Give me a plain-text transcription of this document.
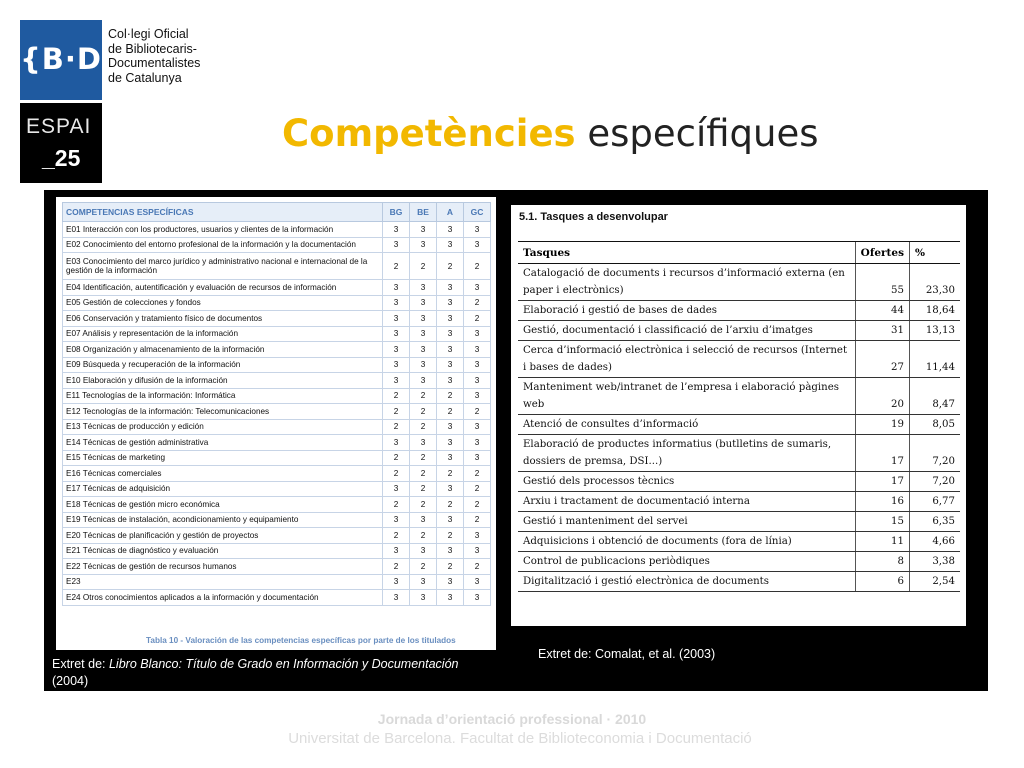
{B·D
Col·legi Oficial
de Bibliotecaris-
Documentalistes
de Catalunya
ESPAI
_25
Competències específiques
COMPETENCIAS ESPECÍFICAS	BG	BE	A	GC
E01 Interacción con los productores, usuarios y clientes de la información	3	3	3	3
E02 Conocimiento del entorno profesional de la información y la documentación	3	3	3	3
E03 Conocimiento del marco jurídico y administrativo nacional e internacional de la gestión de la información	2	2	2	2
E04 Identificación, autentificación y evaluación de recursos de información	3	3	3	3
E05 Gestión de colecciones y fondos	3	3	3	2
E06 Conservación y tratamiento físico de documentos	3	3	3	2
E07 Análisis y representación de la información	3	3	3	3
E08 Organización y almacenamiento de la información	3	3	3	3
E09 Búsqueda y recuperación de la información	3	3	3	3
E10 Elaboración y difusión de la información	3	3	3	3
E11 Tecnologías de la información: Informática	2	2	2	3
E12 Tecnologías de la información: Telecomunicaciones	2	2	2	2
E13 Técnicas de producción y edición	2	2	3	3
E14 Técnicas de gestión administrativa	3	3	3	3
E15 Técnicas de marketing	2	2	3	3
E16 Técnicas comerciales	2	2	2	2
E17 Técnicas de adquisición	3	2	3	2
E18 Técnicas de gestión micro económica	2	2	2	2
E19 Técnicas de instalación, acondicionamiento y equipamiento	3	3	3	2
E20 Técnicas de planificación y gestión de proyectos	2	2	2	3
E21 Técnicas de diagnóstico y evaluación	3	3	3	3
E22 Técnicas de gestión de recursos humanos	2	2	2	2
E23	3	3	3	3
E24 Otros conocimientos aplicados a la información y documentación	3	3	3	3
Tabla 10 - Valoración de las competencias específicas por parte de los titulados
5.1. Tasques a desenvolupar
Tasques	Ofertes	%
Catalogació de documents i recursos d’informació externa (en paper i electrònics)	55	23,30
Elaboració i gestió de bases de dades	44	18,64
Gestió, documentació i classificació de l’arxiu d’imatges	31	13,13
Cerca d’informació electrònica i selecció de recursos (Internet i bases de dades)	27	11,44
Manteniment web/intranet de l’empresa i elaboració pàgines web	20	8,47
Atenció de consultes d’informació	19	8,05
Elaboració de productes informatius (butlletins de sumaris, dossiers de premsa, DSI...)	17	7,20
Gestió dels processos tècnics	17	7,20
Arxiu i tractament de documentació interna	16	6,77
Gestió i manteniment del servei	15	6,35
Adquisicions i obtenció de documents (fora de línia)	11	4,66
Control de publicacions periòdiques	8	3,38
Digitalització i gestió electrònica de documents	6	2,54
Extret de: Libro Blanco: Título de Grado en Información y Documentación (2004)
Extret de: Comalat, et al. (2003)
Jornada d’orientació professional · 2010
Universitat de Barcelona. Facultat de Biblioteconomia i Documentació
